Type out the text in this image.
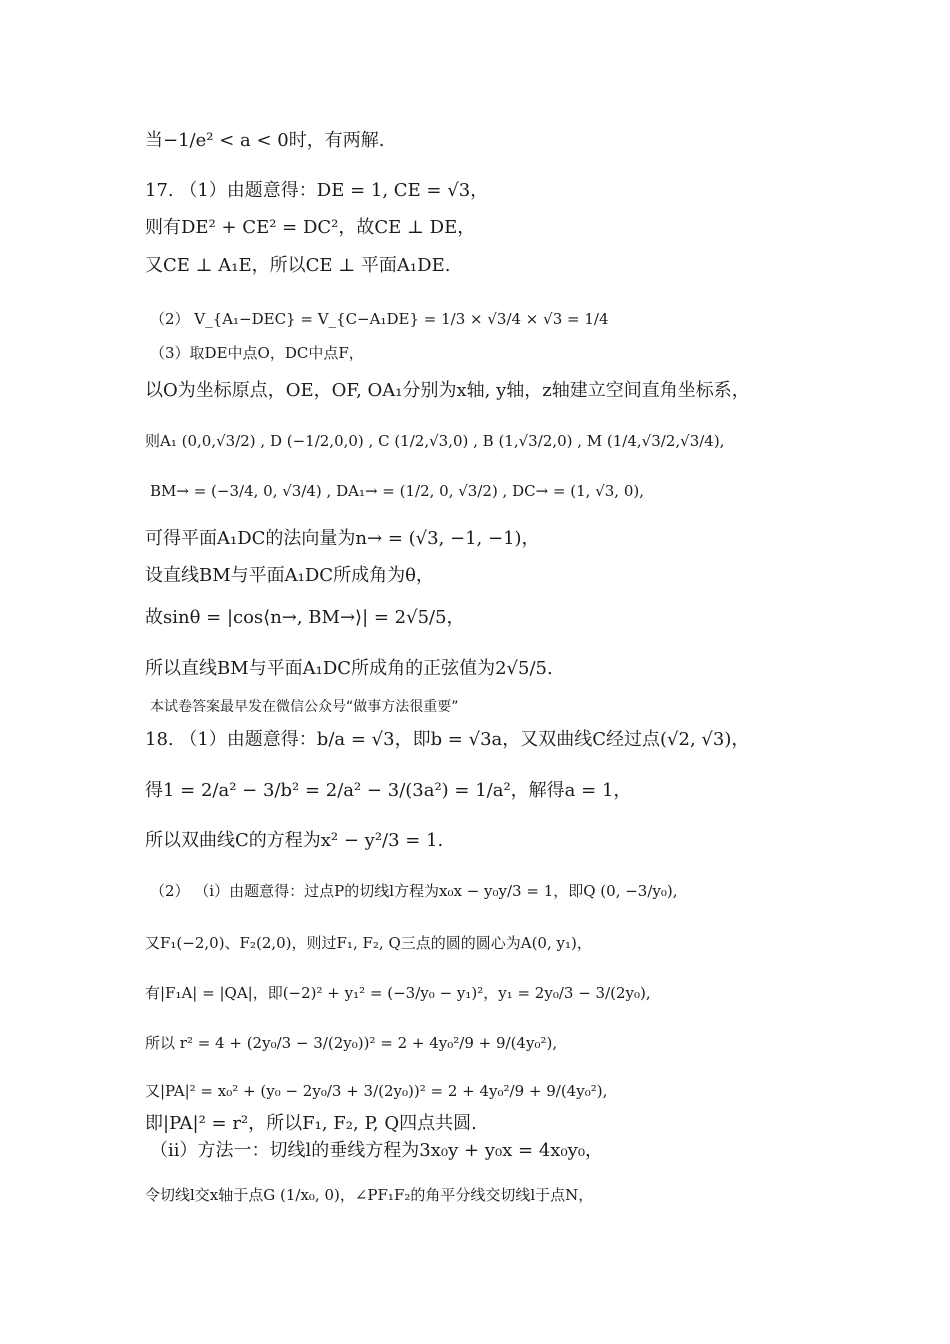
当−1/e² < a < 0时，有两解.
17. （1）由题意得：DE = 1, CE = √3，
则有DE² + CE² = DC²，故CE ⊥ DE，
又CE ⊥ A₁E，所以CE ⊥ 平面A₁DE.
（2） V_{A₁−DEC} = V_{C−A₁DE} = 1/3 × √3/4 × √3 = 1/4
（3）取DE中点O，DC中点F，
以O为坐标原点，OE，OF, OA₁分别为x轴, y轴，z轴建立空间直角坐标系，
则A₁ (0,0,√3/2) , D (−1/2,0,0) , C (1/2,√3,0) , B (1,√3/2,0) , M (1/4,√3/2,√3/4),
BM→ = (−3/4, 0, √3/4) , DA₁→ = (1/2, 0, √3/2) , DC→ = (1, √3, 0),
可得平面A₁DC的法向量为n→ = (√3, −1, −1)，
设直线BM与平面A₁DC所成角为θ，
故sinθ = |cos⟨n→, BM→⟩| = 2√5/5，
所以直线BM与平面A₁DC所成角的正弦值为2√5/5.
本试卷答案最早发在微信公众号“做事方法很重要”
18. （1）由题意得：b/a = √3，即b = √3a，又双曲线C经过点(√2, √3)，
得1 = 2/a² − 3/b² = 2/a² − 3/(3a²) = 1/a²，解得a = 1，
所以双曲线C的方程为x² − y²/3 = 1.
（2） （ⅰ）由题意得：过点P的切线l方程为x₀x − y₀y/3 = 1，即Q (0, −3/y₀),
又F₁(−2,0)、F₂(2,0)，则过F₁, F₂, Q三点的圆的圆心为A(0, y₁)，
有|F₁A| = |QA|，即(−2)² + y₁² = (−3/y₀ − y₁)²，y₁ = 2y₀/3 − 3/(2y₀),
所以 r² = 4 + (2y₀/3 − 3/(2y₀))² = 2 + 4y₀²/9 + 9/(4y₀²),
又|PA|² = x₀² + (y₀ − 2y₀/3 + 3/(2y₀))² = 2 + 4y₀²/9 + 9/(4y₀²),
即|PA|² = r²，所以F₁, F₂, P, Q四点共圆.
（ⅱ）方法一：切线l的垂线方程为3x₀y + y₀x = 4x₀y₀，
令切线l交x轴于点G (1/x₀, 0)，∠PF₁F₂的角平分线交切线l于点N，
